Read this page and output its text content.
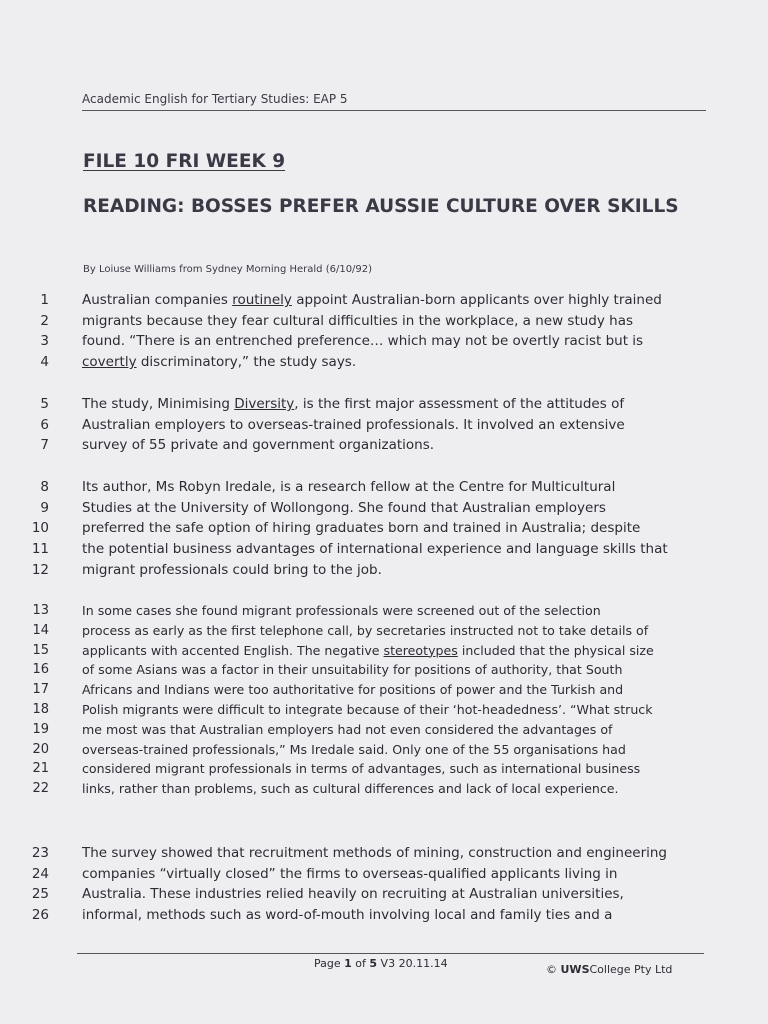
Academic English for Tertiary Studies: EAP 5
FILE 10 FRI WEEK 9
READING: BOSSES PREFER AUSSIE CULTURE OVER SKILLS
By Loiuse Williams from Sydney Morning Herald (6/10/92)
1 Australian companies routinely appoint Australian-born applicants over highly trained
2 migrants because they fear cultural difficulties in the workplace, a new study has
3 found. “There is an entrenched preference… which may not be overtly racist but is
4 covertly discriminatory,” the study says.
5 The study, Minimising Diversity, is the first major assessment of the attitudes of
6 Australian employers to overseas-trained professionals. It involved an extensive
7 survey of 55 private and government organizations.
8 Its author, Ms Robyn Iredale, is a research fellow at the Centre for Multicultural
9 Studies at the University of Wollongong. She found that Australian employers
10 preferred the safe option of hiring graduates born and trained in Australia; despite
11 the potential business advantages of international experience and language skills that
12 migrant professionals could bring to the job.
13	In some cases she found migrant professionals were screened out of the selection
14	process as early as the first telephone call, by secretaries instructed not to take details of
15	applicants with accented English. The negative stereotypes included that the physical size
16	of some Asians was a factor in their unsuitability for positions of authority, that South
17	Africans and Indians were too authoritative for positions of power and the Turkish and
18	Polish migrants were difficult to integrate because of their ‘hot-headedness’. “What struck
19	me most was that Australian employers had not even considered the advantages of
20	overseas-trained professionals,” Ms Iredale said. Only one of the 55 organisations had
21	considered migrant professionals in terms of advantages, such as international business
22	links, rather than problems, such as cultural differences and lack of local experience.
23 The survey showed that recruitment methods of mining, construction and engineering
24 companies “virtually closed” the firms to overseas-qualified applicants living in
25 Australia. These industries relied heavily on recruiting at Australian universities,
26 informal, methods such as word-of-mouth involving local and family ties and a
Page 1 of 5 V3 20.11.14	© UWSCollege Pty Ltd
